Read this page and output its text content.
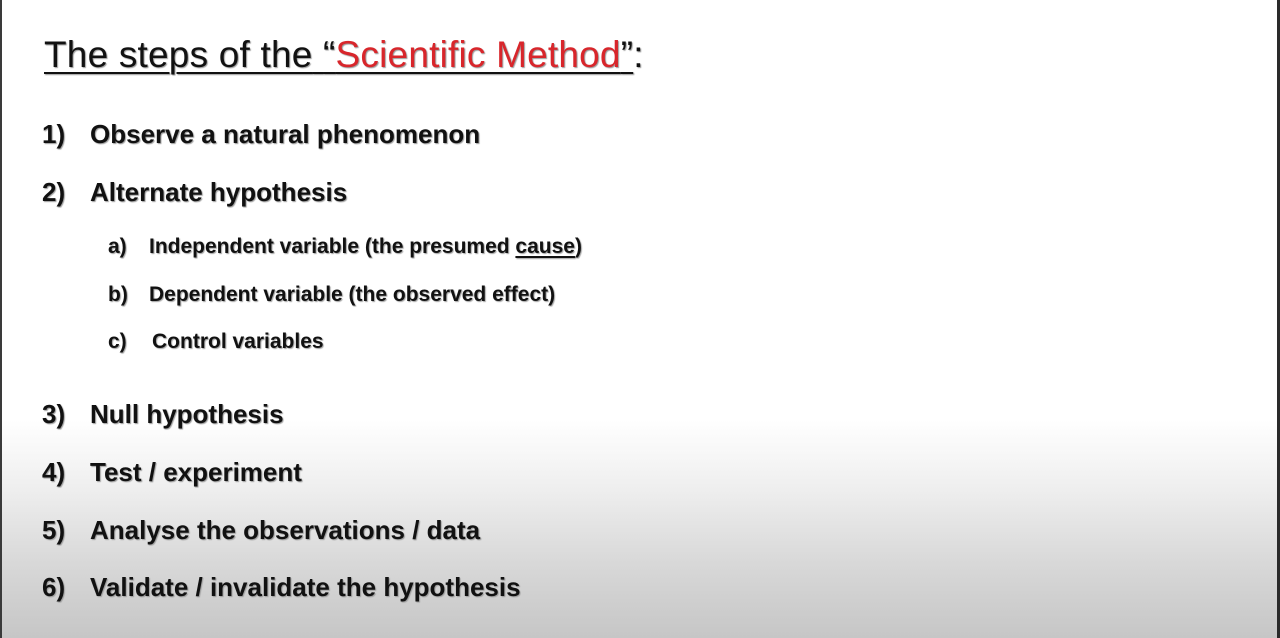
The steps of the “Scientific Method”:
1) Observe a natural phenomenon
2) Alternate hypothesis
a) Independent variable (the presumed cause)
b) Dependent variable (the observed effect)
c) Control variables
3) Null hypothesis
4) Test / experiment
5) Analyse the observations / data
6) Validate / invalidate the hypothesis
